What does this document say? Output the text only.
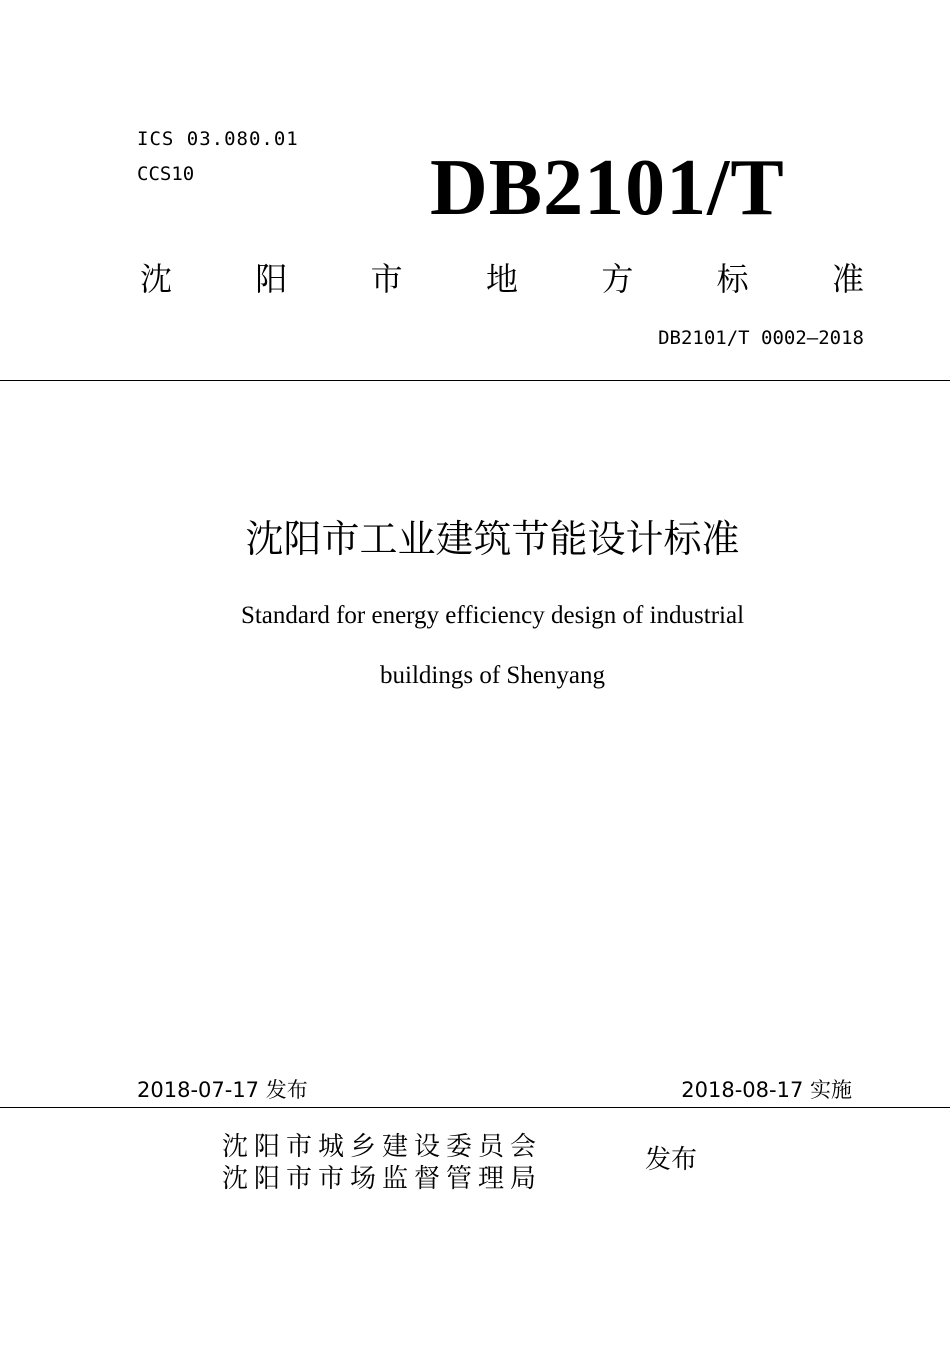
ICS 03.080.01
CCS10	DB2101/T
沈	阳	市	地	方	标	准
DB2101/T 0002—2018
沈阳市工业建筑节能设计标准
Standard for energy efficiency design of industrial
buildings of Shenyang
2018-07-17 发布	2018-08-17 实施
沈阳市城乡建设委员会
沈阳市市场监督管理局
发布
